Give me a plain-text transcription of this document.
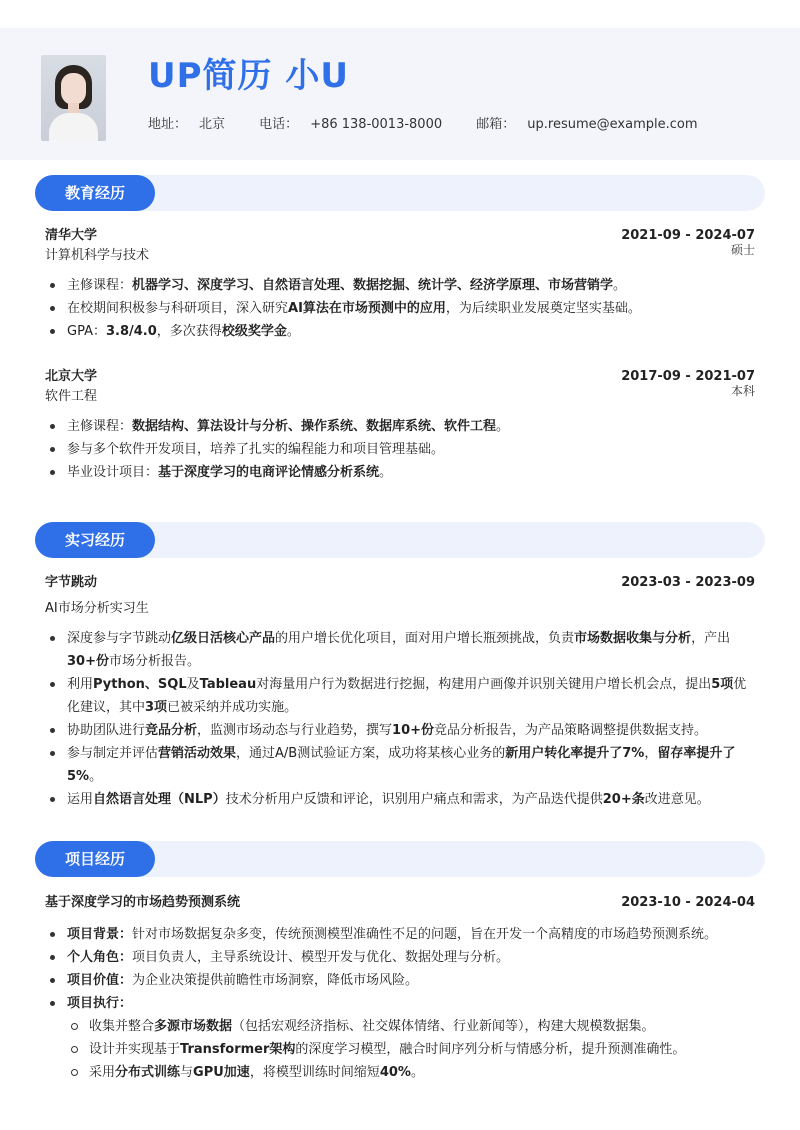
UP简历 小U
地址： 北京	电话： +86 138-0013-8000	邮箱： up.resume@example.com
教育经历
清华大学	2021-09 - 2024-07
计算机科学与技术	硕士
主修课程：机器学习、深度学习、自然语言处理、数据挖掘、统计学、经济学原理、市场营销学。
在校期间积极参与科研项目，深入研究AI算法在市场预测中的应用，为后续职业发展奠定坚实基础。
GPA：3.8/4.0，多次获得校级奖学金。
北京大学	2017-09 - 2021-07
软件工程	本科
主修课程：数据结构、算法设计与分析、操作系统、数据库系统、软件工程。
参与多个软件开发项目，培养了扎实的编程能力和项目管理基础。
毕业设计项目：基于深度学习的电商评论情感分析系统。
实习经历
字节跳动	2023-03 - 2023-09
AI市场分析实习生
深度参与字节跳动亿级日活核心产品的用户增长优化项目，面对用户增长瓶颈挑战，负责市场数据收集与分析，产出30+份市场分析报告。
利用Python、SQL及Tableau对海量用户行为数据进行挖掘，构建用户画像并识别关键用户增长机会点，提出5项优化建议，其中3项已被采纳并成功实施。
协助团队进行竞品分析，监测市场动态与行业趋势，撰写10+份竞品分析报告，为产品策略调整提供数据支持。
参与制定并评估营销活动效果，通过A/B测试验证方案，成功将某核心业务的新用户转化率提升了7%，留存率提升了5%。
运用自然语言处理（NLP）技术分析用户反馈和评论，识别用户痛点和需求，为产品迭代提供20+条改进意见。
项目经历
基于深度学习的市场趋势预测系统	2023-10 - 2024-04
项目背景：针对市场数据复杂多变，传统预测模型准确性不足的问题，旨在开发一个高精度的市场趋势预测系统。
个人角色：项目负责人，主导系统设计、模型开发与优化、数据处理与分析。
项目价值：为企业决策提供前瞻性市场洞察，降低市场风险。
项目执行：
收集并整合多源市场数据（包括宏观经济指标、社交媒体情绪、行业新闻等），构建大规模数据集。
设计并实现基于Transformer架构的深度学习模型，融合时间序列分析与情感分析，提升预测准确性。
采用分布式训练与GPU加速，将模型训练时间缩短40%。
